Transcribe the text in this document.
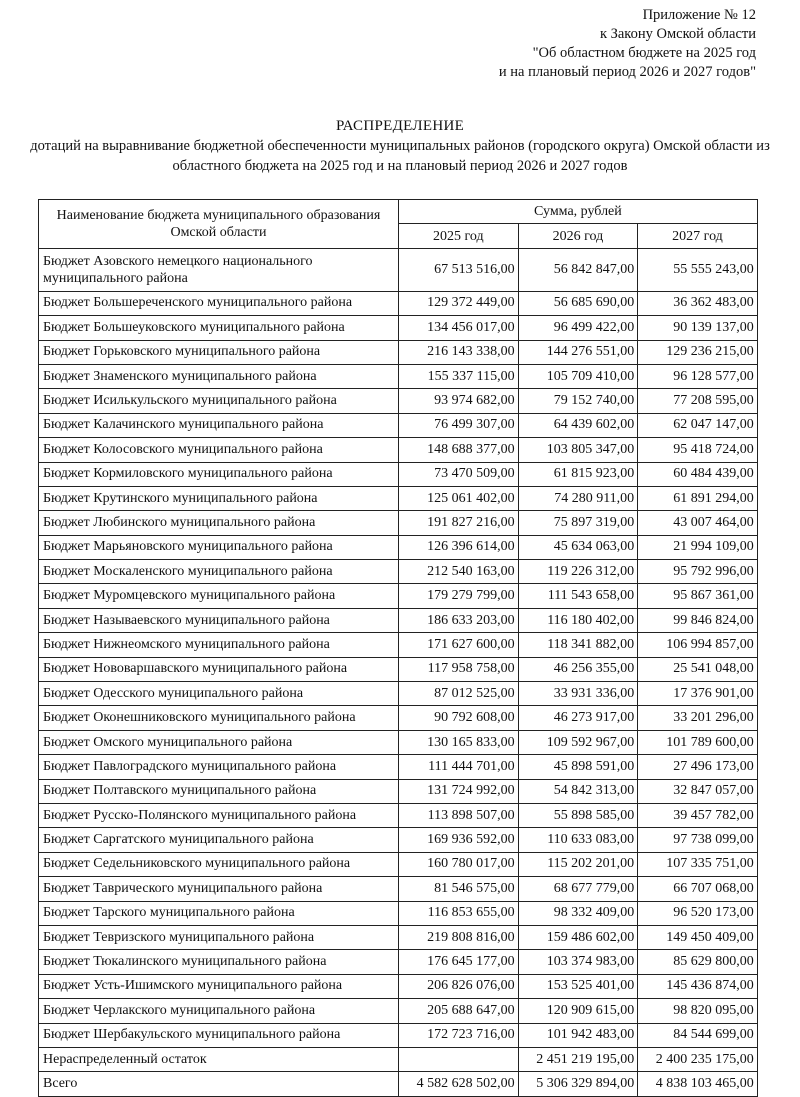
Приложение № 12
к Закону Омской области
"Об областном бюджете на 2025 год
и на плановый период 2026 и 2027 годов"
РАСПРЕДЕЛЕНИЕ
дотаций на выравнивание бюджетной обеспеченности муниципальных районов (городского округа) Омской области из областного бюджета на 2025 год и на плановый период 2026 и 2027 годов
Наименование бюджета муниципального образования Омской области	Сумма, рублей		
	2025 год	2026 год	2027 год
Бюджет Азовского немецкого национального муниципального района	67 513 516,00	56 842 847,00	55 555 243,00
Бюджет Большереченского муниципального района	129 372 449,00	56 685 690,00	36 362 483,00
Бюджет Большеуковского муниципального района	134 456 017,00	96 499 422,00	90 139 137,00
Бюджет Горьковского муниципального района	216 143 338,00	144 276 551,00	129 236 215,00
Бюджет Знаменского муниципального района	155 337 115,00	105 709 410,00	96 128 577,00
Бюджет Исилькульского муниципального района	93 974 682,00	79 152 740,00	77 208 595,00
Бюджет Калачинского муниципального района	76 499 307,00	64 439 602,00	62 047 147,00
Бюджет Колосовского муниципального района	148 688 377,00	103 805 347,00	95 418 724,00
Бюджет Кормиловского муниципального района	73 470 509,00	61 815 923,00	60 484 439,00
Бюджет Крутинского муниципального района	125 061 402,00	74 280 911,00	61 891 294,00
Бюджет Любинского муниципального района	191 827 216,00	75 897 319,00	43 007 464,00
Бюджет Марьяновского муниципального района	126 396 614,00	45 634 063,00	21 994 109,00
Бюджет Москаленского муниципального района	212 540 163,00	119 226 312,00	95 792 996,00
Бюджет Муромцевского муниципального района	179 279 799,00	111 543 658,00	95 867 361,00
Бюджет Называевского муниципального района	186 633 203,00	116 180 402,00	99 846 824,00
Бюджет Нижнеомского муниципального района	171 627 600,00	118 341 882,00	106 994 857,00
Бюджет Нововаршавского муниципального района	117 958 758,00	46 256 355,00	25 541 048,00
Бюджет Одесского муниципального района	87 012 525,00	33 931 336,00	17 376 901,00
Бюджет Оконешниковского муниципального района	90 792 608,00	46 273 917,00	33 201 296,00
Бюджет Омского муниципального района	130 165 833,00	109 592 967,00	101 789 600,00
Бюджет Павлоградского муниципального района	111 444 701,00	45 898 591,00	27 496 173,00
Бюджет Полтавского муниципального района	131 724 992,00	54 842 313,00	32 847 057,00
Бюджет Русско-Полянского муниципального района	113 898 507,00	55 898 585,00	39 457 782,00
Бюджет Саргатского муниципального района	169 936 592,00	110 633 083,00	97 738 099,00
Бюджет Седельниковского муниципального района	160 780 017,00	115 202 201,00	107 335 751,00
Бюджет Таврического муниципального района	81 546 575,00	68 677 779,00	66 707 068,00
Бюджет Тарского муниципального района	116 853 655,00	98 332 409,00	96 520 173,00
Бюджет Тевризского муниципального района	219 808 816,00	159 486 602,00	149 450 409,00
Бюджет Тюкалинского муниципального района	176 645 177,00	103 374 983,00	85 629 800,00
Бюджет Усть-Ишимского муниципального района	206 826 076,00	153 525 401,00	145 436 874,00
Бюджет Черлакского муниципального района	205 688 647,00	120 909 615,00	98 820 095,00
Бюджет Шербакульского муниципального района	172 723 716,00	101 942 483,00	84 544 699,00
Нераспределенный остаток		2 451 219 195,00	2 400 235 175,00
Всего	4 582 628 502,00	5 306 329 894,00	4 838 103 465,00
